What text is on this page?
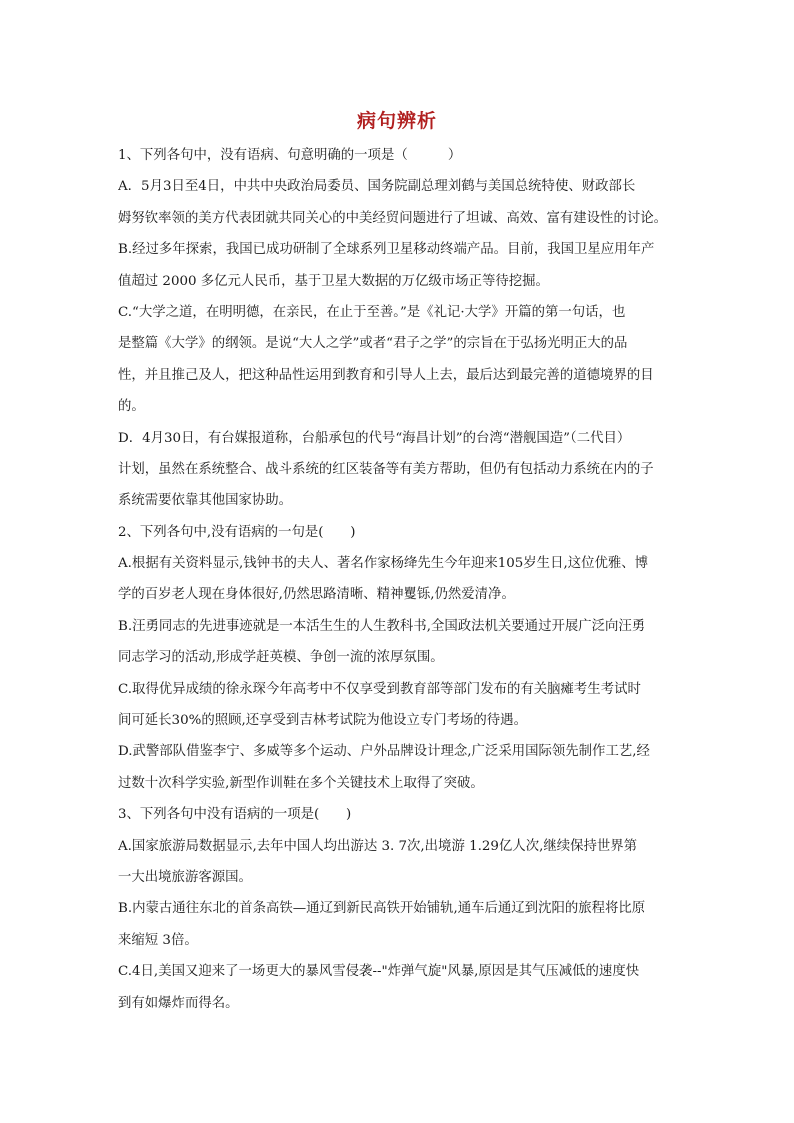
病句辨析
1、下列各句中，没有语病、句意明确的一项是（　　　）
A．5月3日至4日，中共中央政治局委员、国务院副总理刘鹤与美国总统特使、财政部长
姆努钦率领的美方代表团就共同关心的中美经贸问题进行了坦诚、高效、富有建设性的讨论。
B.经过多年探索，我国已成功研制了全球系列卫星移动终端产品。目前，我国卫星应用年产
值超过 2000 多亿元人民币，基于卫星大数据的万亿级市场正等待挖掘。
C.“大学之道，在明明德，在亲民，在止于至善。”是《礼记·大学》开篇的第一句话，也
是整篇《大学》的纲领。是说“大人之学”或者“君子之学”的宗旨在于弘扬光明正大的品
性，并且推己及人，把这种品性运用到教育和引导人上去，最后达到最完善的道德境界的目
的。
D．4月30日，有台媒报道称，台船承包的代号“海昌计划”的台湾“潜舰国造”（二代目）
计划，虽然在系统整合、战斗系统的红区装备等有美方帮助，但仍有包括动力系统在内的子
系统需要依靠其他国家协助。
2、下列各句中,没有语病的一句是(　　)
A.根据有关资料显示,钱钟书的夫人、著名作家杨绛先生今年迎来105岁生日,这位优雅、博
学的百岁老人现在身体很好,仍然思路清晰、精神矍铄,仍然爱清净。
B.汪勇同志的先进事迹就是一本活生生的人生教科书,全国政法机关要通过开展广泛向汪勇
同志学习的活动,形成学赶英模、争创一流的浓厚氛围。
C.取得优异成绩的徐永琛今年高考中不仅享受到教育部等部门发布的有关脑瘫考生考试时
间可延长30%的照顾,还享受到吉林考试院为他设立专门考场的待遇。
D.武警部队借鉴李宁、多威等多个运动、户外品牌设计理念,广泛采用国际领先制作工艺,经
过数十次科学实验,新型作训鞋在多个关键技术上取得了突破。
3、下列各句中没有语病的一项是(　　)
A.国家旅游局数据显示,去年中国人均出游达 3. 7次,出境游 1.29亿人次,继续保持世界第
一大出境旅游客源国。
B.内蒙古通往东北的首条高铁—通辽到新民高铁开始铺轨,通车后通辽到沈阳的旅程将比原
来缩短 3倍。
C.4日,美国又迎来了一场更大的暴风雪侵袭--"炸弹气旋"风暴,原因是其气压减低的速度快
到有如爆炸而得名。
